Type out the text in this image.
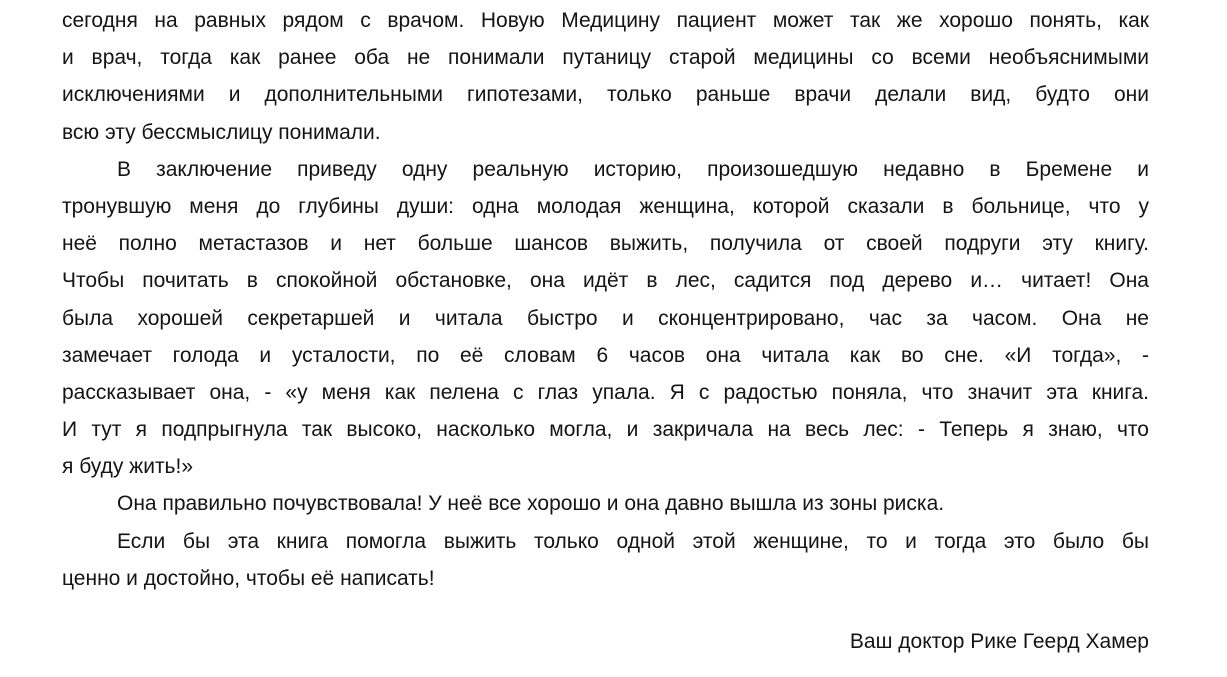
сегодня на равных рядом с врачом. Новую Медицину пациент может так же хорошо понять, как
и врач, тогда как ранее оба не понимали путаницу старой медицины со всеми необъяснимыми
исключениями и дополнительными гипотезами, только раньше врачи делали вид, будто они
всю эту бессмыслицу понимали.
В заключение приведу одну реальную историю, произошедшую недавно в Бремене и
тронувшую меня до глубины души: одна молодая женщина, которой сказали в больнице, что у
неё полно метастазов и нет больше шансов выжить, получила от своей подруги эту книгу.
Чтобы почитать в спокойной обстановке, она идёт в лес, садится под дерево и… читает! Она
была хорошей секретаршей и читала быстро и сконцентрировано, час за часом. Она не
замечает голода и усталости, по её словам 6 часов она читала как во сне. «И тогда», -
рассказывает она, - «у меня как пелена с глаз упала. Я с радостью поняла, что значит эта книга.
И тут я подпрыгнула так высоко, насколько могла, и закричала на весь лес: - Теперь я знаю, что
я буду жить!»
Она правильно почувствовала! У неё все хорошо и она давно вышла из зоны риска.
Если бы эта книга помогла выжить только одной этой женщине, то и тогда это было бы
ценно и достойно, чтобы её написать!
Ваш доктор Рике Геерд Хамер
